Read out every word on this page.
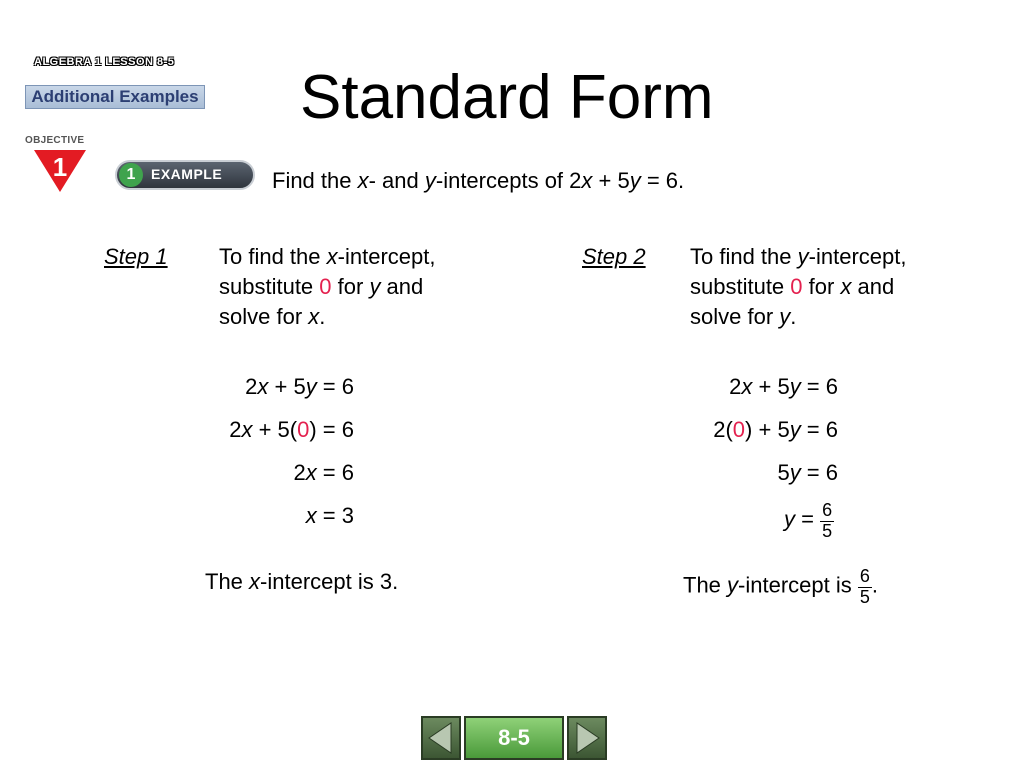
ALGEBRA 1 LESSON 8-5
Additional Examples Standard Form
OBJECTIVE
1	1	EXAMPLE Find the x- and y-intercepts of 2x + 5y = 6.
Step 1 To find the x-intercept,
substitute 0 for y and
solve for x.
Step 2 To find the y-intercept,
substitute 0 for x and
solve for y.
2x + 5y = 6
2x + 5(0) = 6
2x = 6
x = 3
The x-intercept is 3.
2x + 5y = 6
2(0) + 5y = 6
5y = 6
$y = \frac{6}{5}$
The y-intercept is $\frac{6}{5}$ .
8-5
